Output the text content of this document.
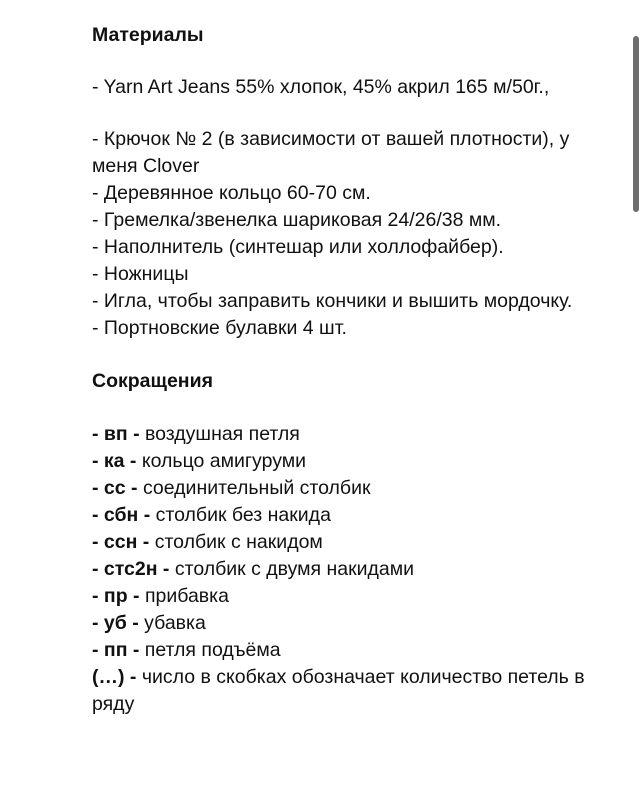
Материалы

- Yarn Art Jeans 55% хлопок, 45% акрил 165 м/50г.,

- Крючок № 2 (в зависимости от вашей плотности), у меня Clover

- Деревянное кольцо 60-70 см.

- Гремелка/звенелка шариковая 24/26/38 мм.

- Наполнитель (синтешар или холлофайбер).

- Ножницы

- Игла, чтобы заправить кончики и вышить мордочку.

- Портновские булавки 4 шт.

Сокращения

- вп - воздушная петля

- ка - кольцо амигуруми

- сс - соединительный столбик

- сбн - столбик без накида

- ссн - столбик с накидом

- стс2н - столбик с двумя накидами

- пр - прибавка

- уб - убавка

- пп - петля подъёма

(…) - число в скобках обозначает количество петель в ряду
